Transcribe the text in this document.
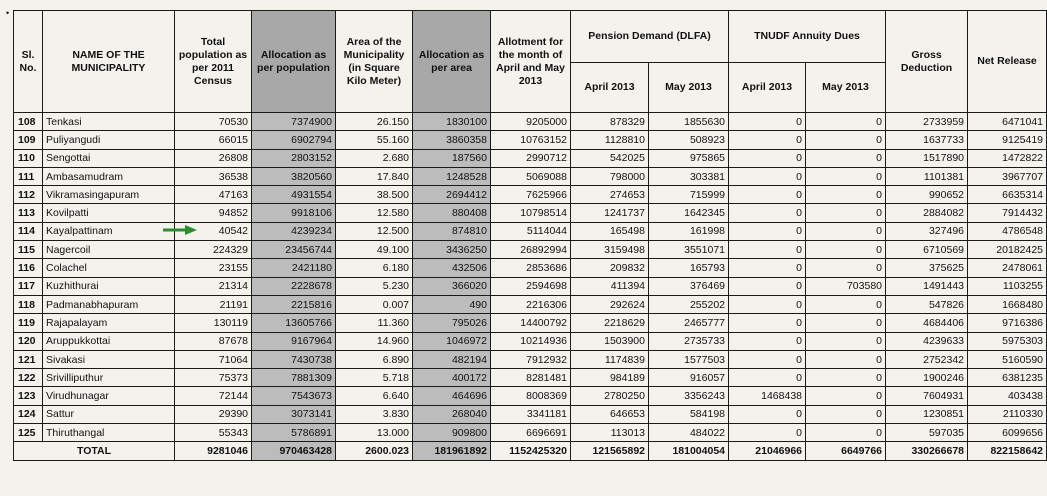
•
Sl. No.	NAME OF THE MUNICIPALITY	Total population as per 2011 Census	Allocation as per population	Area of the Municipality (in Square Kilo Meter)	Allocation as per area	Allotment for the month of April and May 2013	Pension Demand (DLFA)		TNUDF Annuity Dues		Gross Deduction	Net Release
							April 2013	May 2013	April 2013	May 2013		
108	Tenkasi	70530	7374900	26.150	1830100	9205000	878329	1855630	0	0	2733959	6471041
109	Puliyangudi	66015	6902794	55.160	3860358	10763152	1128810	508923	0	0	1637733	9125419
110	Sengottai	26808	2803152	2.680	187560	2990712	542025	975865	0	0	1517890	1472822
111	Ambasamudram	36538	3820560	17.840	1248528	5069088	798000	303381	0	0	1101381	3967707
112	Vikramasingapuram	47163	4931554	38.500	2694412	7625966	274653	715999	0	0	990652	6635314
113	Kovilpatti	94852	9918106	12.580	880408	10798514	1241737	1642345	0	0	2884082	7914432
114	Kayalpattinam	40542	4239234	12.500	874810	5114044	165498	161998	0	0	327496	4786548
115	Nagercoil	224329	23456744	49.100	3436250	26892994	3159498	3551071	0	0	6710569	20182425
116	Colachel	23155	2421180	6.180	432506	2853686	209832	165793	0	0	375625	2478061
117	Kuzhithurai	21314	2228678	5.230	366020	2594698	411394	376469	0	703580	1491443	1103255
118	Padmanabhapuram	21191	2215816	0.007	490	2216306	292624	255202	0	0	547826	1668480
119	Rajapalayam	130119	13605766	11.360	795026	14400792	2218629	2465777	0	0	4684406	9716386
120	Aruppukkottai	87678	9167964	14.960	1046972	10214936	1503900	2735733	0	0	4239633	5975303
121	Sivakasi	71064	7430738	6.890	482194	7912932	1174839	1577503	0	0	2752342	5160590
122	Srivilliputhur	75373	7881309	5.718	400172	8281481	984189	916057	0	0	1900246	6381235
123	Virudhunagar	72144	7543673	6.640	464696	8008369	2780250	3356243	1468438	0	7604931	403438
124	Sattur	29390	3073141	3.830	268040	3341181	646653	584198	0	0	1230851	2110330
125	Thiruthangal	55343	5786891	13.000	909800	6696691	113013	484022	0	0	597035	6099656
TOTAL		9281046	970463428	2600.023	181961892	1152425320	121565892	181004054	21046966	6649766	330266678	822158642
